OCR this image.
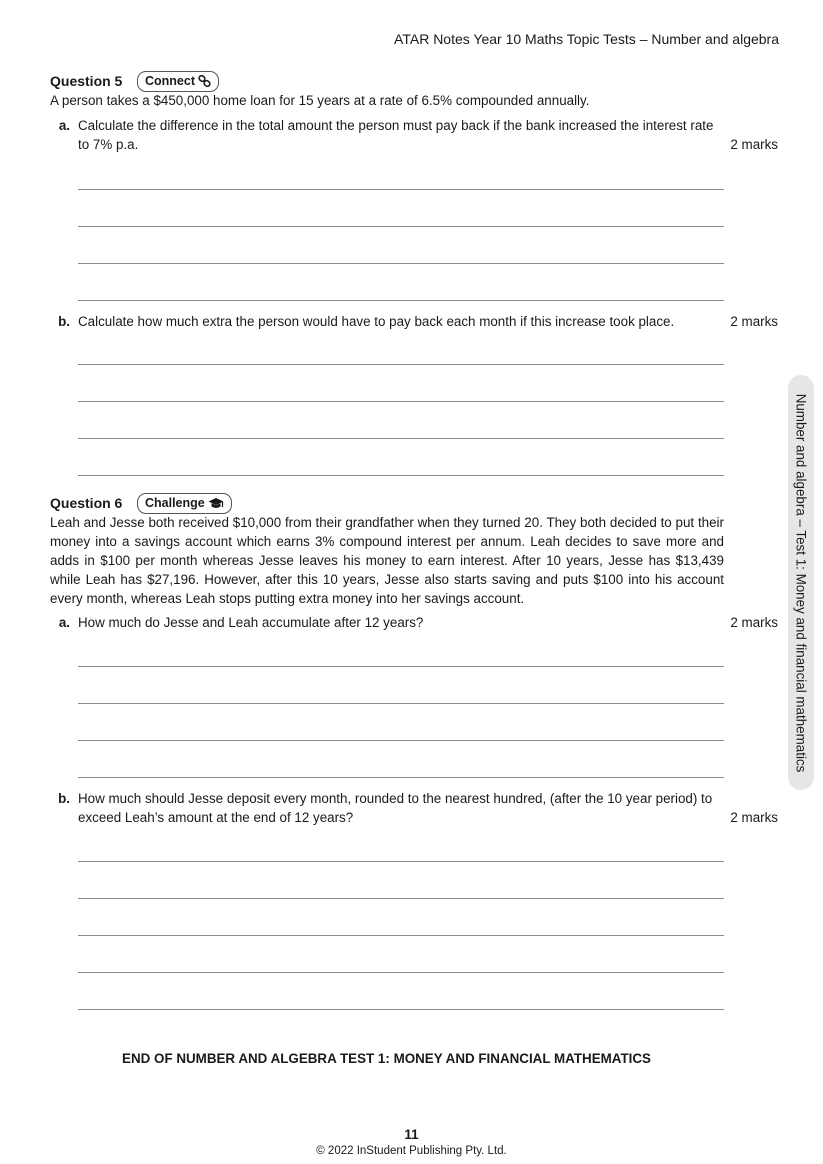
ATAR Notes Year 10 Maths Topic Tests – Number and algebra
Question 5	Connect
A person takes a $450,000 home loan for 15 years at a rate of 6.5% compounded annually.
a. Calculate the difference in the total amount the person must pay back if the bank increased the interest rate to 7% p.a.	2 marks
b. Calculate how much extra the person would have to pay back each month if this increase took place.	2 marks
Question 6	Challenge
Leah and Jesse both received $10,000 from their grandfather when they turned 20. They both decided to put their money into a savings account which earns 3% compound interest per annum. Leah decides to save more and adds in $100 per month whereas Jesse leaves his money to earn interest. After 10 years, Jesse has $13,439 while Leah has $27,196. However, after this 10 years, Jesse also starts saving and puts $100 into his account every month, whereas Leah stops putting extra money into her savings account.
a. How much do Jesse and Leah accumulate after 12 years?	2 marks
b. How much should Jesse deposit every month, rounded to the nearest hundred, (after the 10 year period) to exceed Leah’s amount at the end of 12 years?	2 marks
Number and algebra – Test 1: Money and financial mathematics
END OF NUMBER AND ALGEBRA TEST 1: MONEY AND FINANCIAL MATHEMATICS
11
© 2022 InStudent Publishing Pty. Ltd.
